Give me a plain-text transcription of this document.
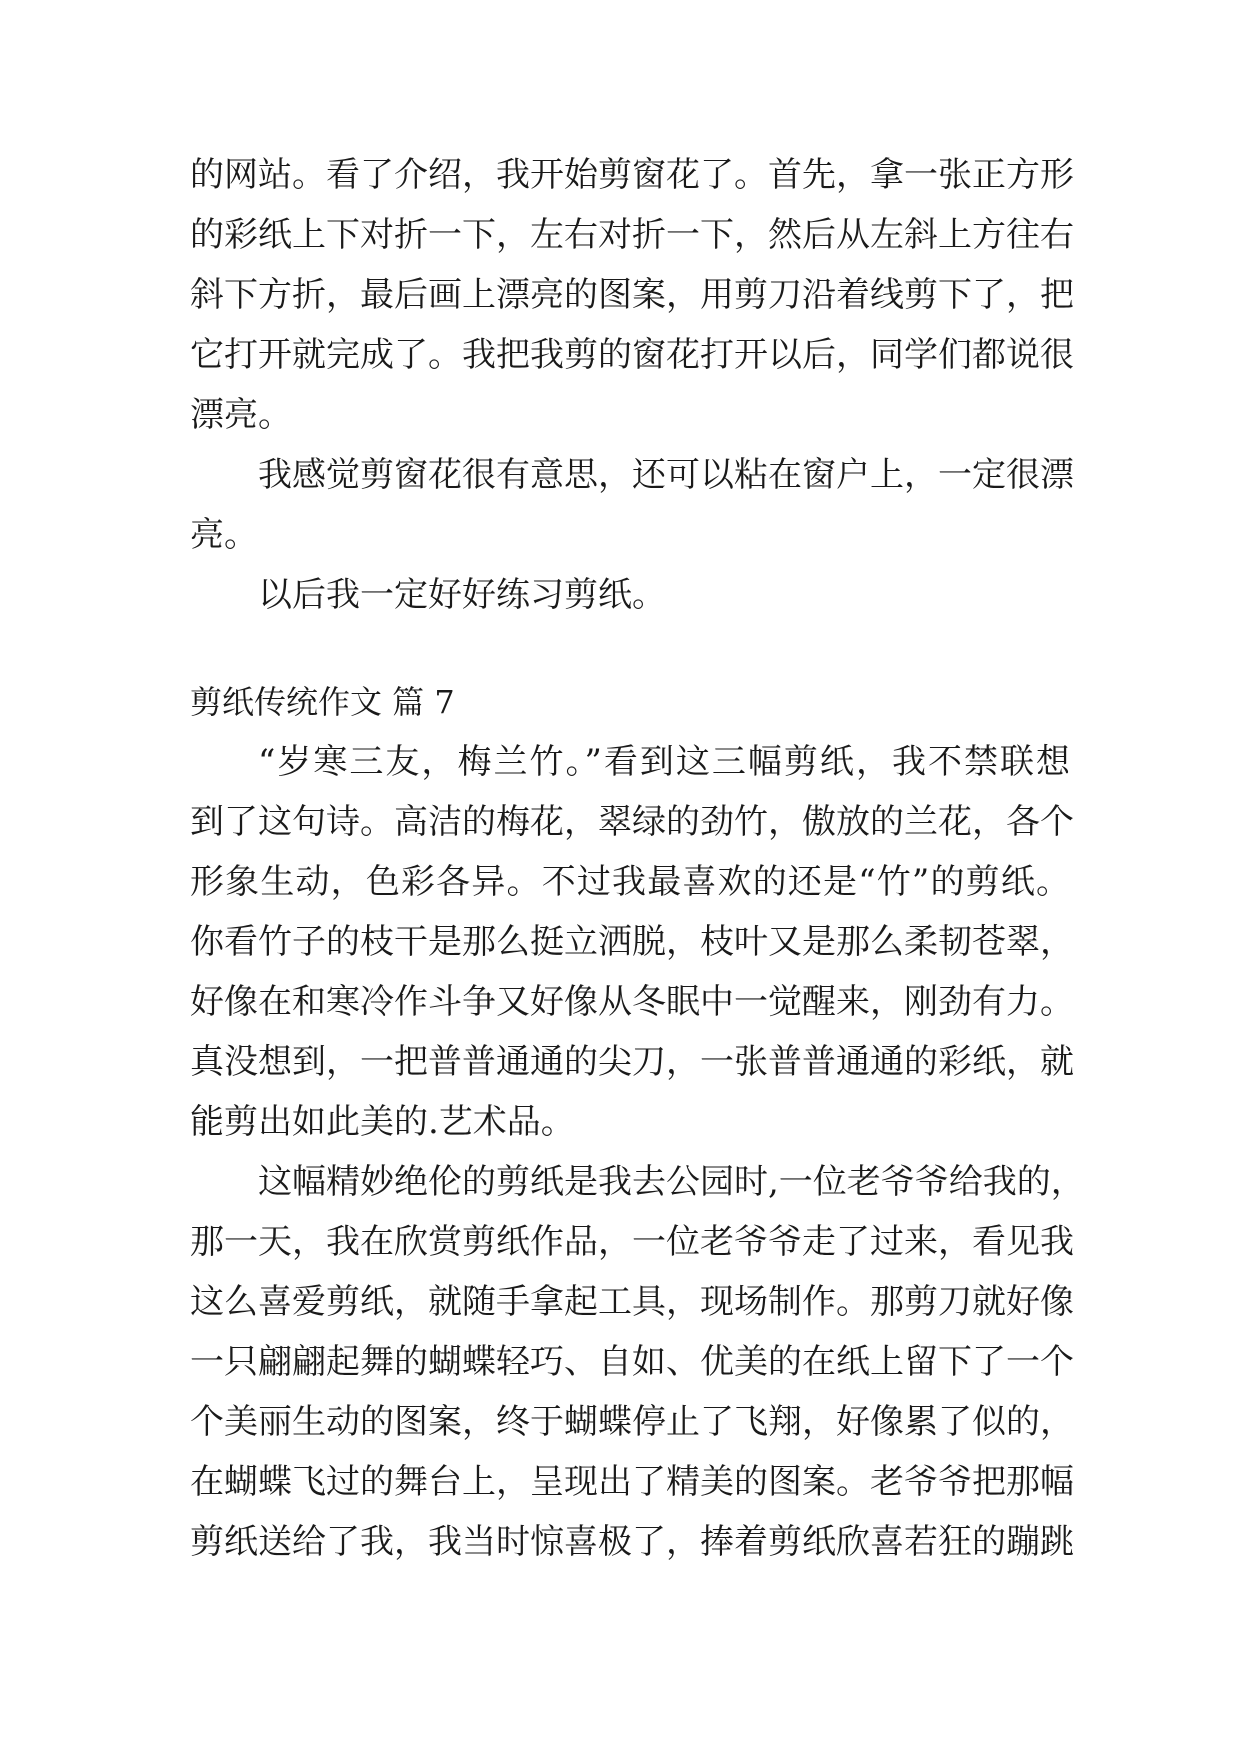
的网站。看了介绍，我开始剪窗花了。首先，拿一张正方形
的彩纸上下对折一下，左右对折一下，然后从左斜上方往右
斜下方折，最后画上漂亮的图案，用剪刀沿着线剪下了，把
它打开就完成了。我把我剪的窗花打开以后，同学们都说很
漂亮。
我感觉剪窗花很有意思，还可以粘在窗户上，一定很漂
亮。
以后我一定好好练习剪纸。
剪纸传统作文 篇 7
“岁寒三友，梅兰竹。”看到这三幅剪纸，我不禁联想
到了这句诗。高洁的梅花，翠绿的劲竹，傲放的兰花，各个
形象生动，色彩各异。不过我最喜欢的还是“竹”的剪纸。
你看竹子的枝干是那么挺立洒脱，枝叶又是那么柔韧苍翠，
好像在和寒冷作斗争又好像从冬眠中一觉醒来，刚劲有力。
真没想到，一把普普通通的尖刀，一张普普通通的彩纸，就
能剪出如此美的.艺术品。
这幅精妙绝伦的剪纸是我去公园时,一位老爷爷给我的，
那一天，我在欣赏剪纸作品，一位老爷爷走了过来，看见我
这么喜爱剪纸，就随手拿起工具，现场制作。那剪刀就好像
一只翩翩起舞的蝴蝶轻巧、自如、优美的在纸上留下了一个
个美丽生动的图案，终于蝴蝶停止了飞翔，好像累了似的，
在蝴蝶飞过的舞台上，呈现出了精美的图案。老爷爷把那幅
剪纸送给了我，我当时惊喜极了，捧着剪纸欣喜若狂的蹦跳
